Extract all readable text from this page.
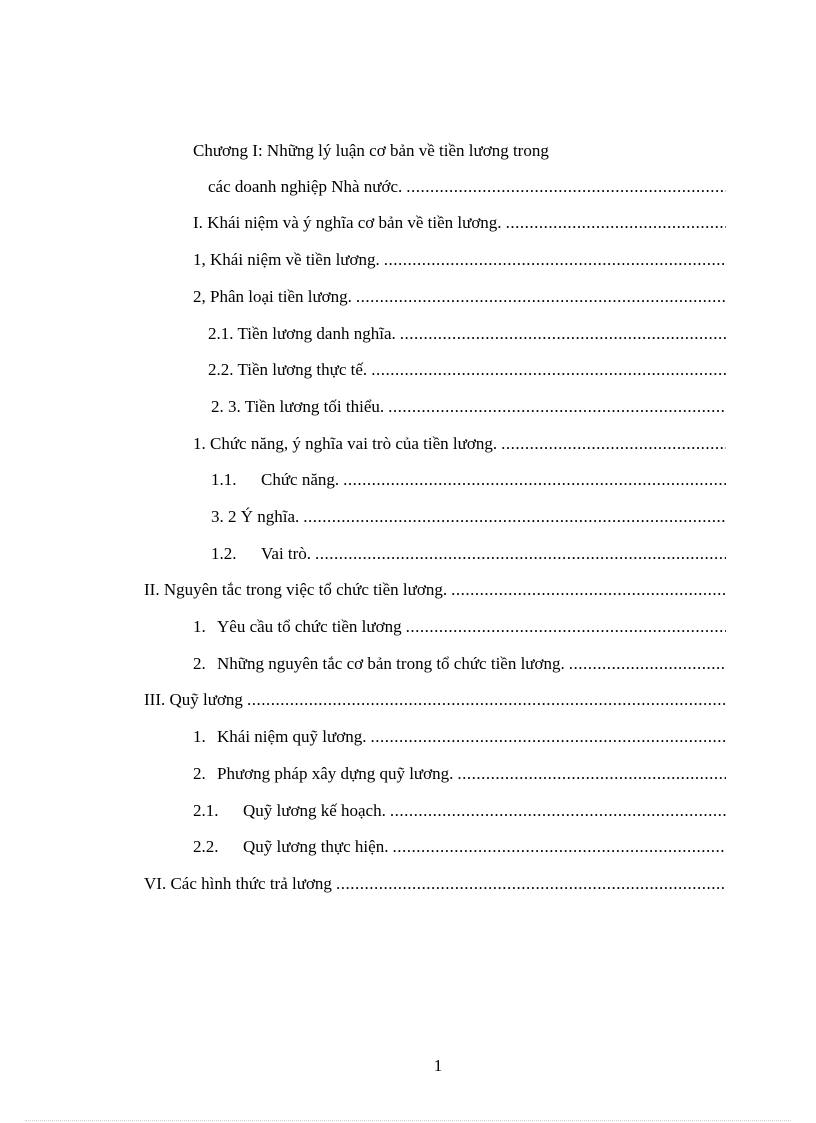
Chương I: Những lý luận cơ bản về tiền lương trong
các doanh nghiệp Nhà nước.
.....
I. Khái niệm và ý nghĩa cơ bản về tiền lương.
.....
1, Khái niệm về tiền lương.
.....
2, Phân loại tiền lương.
.....
2.1. Tiền lương danh nghĩa.
.....
2.2. Tiền lương thực tế.
.....
2. 3. Tiền lương tối thiểu.
.....
1. Chức năng, ý nghĩa vai trò của tiền lương.
.....
1.1.	Chức năng.
.....
3. 2 Ý nghĩa.
.....
1.2.	Vai trò.
.....
II. Nguyên tắc trong việc tổ chức tiền lương.
.....
1. Yêu cầu tổ chức tiền lương
.....
2. Những nguyên tắc cơ bản trong tổ chức tiền lương.
.....
III. Quỹ lương
.....
1. Khái niệm quỹ lương.
.....
2. Phương pháp xây dựng quỹ lương.
.....
2.1.	Quỹ lương kế hoạch.
.....
2.2.	Quỹ lương thực hiện.
.....
VI. Các hình thức trả lương
.....
1
